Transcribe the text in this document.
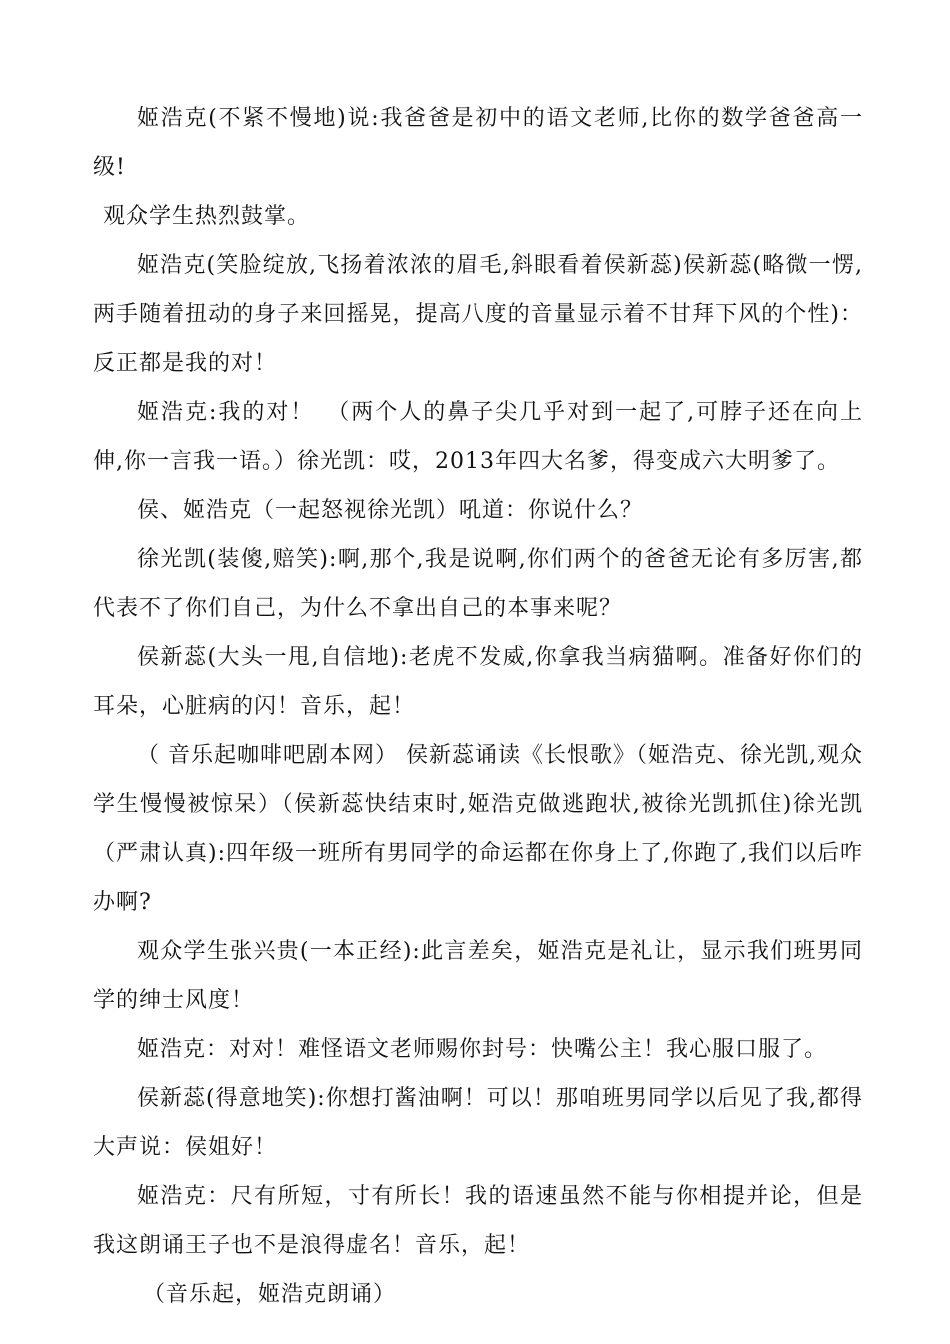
姬浩克(不紧不慢地)说:我爸爸是初中的语文老师,比你的数学爸爸高一级!

观众学生热烈鼓掌。

姬浩克(笑脸绽放,飞扬着浓浓的眉毛,斜眼看着侯新蕊)侯新蕊(略微一愣,两手随着扭动的身子来回摇晃，提高八度的音量显示着不甘拜下风的个性)：反正都是我的对！

姬浩克:我的对！　（两个人的鼻子尖几乎对到一起了,可脖子还在向上伸,你一言我一语。）徐光凯：哎，2013年四大名爹，得变成六大明爹了。

侯、姬浩克（一起怒视徐光凯）吼道：你说什么？

徐光凯(装傻,赔笑):啊,那个,我是说啊,你们两个的爸爸无论有多厉害,都代表不了你们自己，为什么不拿出自己的本事来呢？

侯新蕊(大头一甩,自信地):老虎不发威,你拿我当病猫啊。准备好你们的耳朵，心脏病的闪！音乐，起！

（ 音乐起咖啡吧剧本网） 侯新蕊诵读《长恨歌》（姬浩克、徐光凯,观众学生慢慢被惊呆）（侯新蕊快结束时,姬浩克做逃跑状,被徐光凯抓住)徐光凯（严肃认真):四年级一班所有男同学的命运都在你身上了,你跑了,我们以后咋办啊?

观众学生张兴贵(一本正经):此言差矣，姬浩克是礼让，显示我们班男同学的绅士风度！

姬浩克：对对！难怪语文老师赐你封号：快嘴公主！我心服口服了。

侯新蕊(得意地笑):你想打酱油啊！可以！那咱班男同学以后见了我,都得大声说：侯姐好！

姬浩克：尺有所短，寸有所长！我的语速虽然不能与你相提并论，但是我这朗诵王子也不是浪得虚名！音乐，起！

（音乐起，姬浩克朗诵）
